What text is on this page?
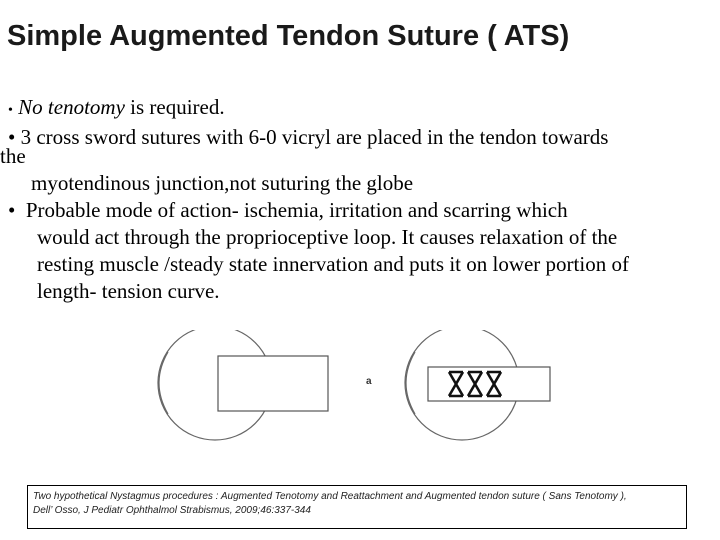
Simple Augmented Tendon Suture ( ATS)
• No tenotomy is required.
• 3 cross sword sutures with 6-0 vicryl are placed in the tendon towards
the
myotendinous junction,not suturing the globe
• Probable mode of action- ischemia, irritation and scarring which
would act through the proprioceptive loop. It causes relaxation of the
resting muscle /steady state innervation and puts it on lower portion of
length- tension curve.
a
Two hypothetical Nystagmus procedures : Augmented Tenotomy and Reattachment and Augmented tendon suture ( Sans Tenotomy ),
Dell’ Osso, J Pediatr Ophthalmol Strabismus, 2009;46:337-344
